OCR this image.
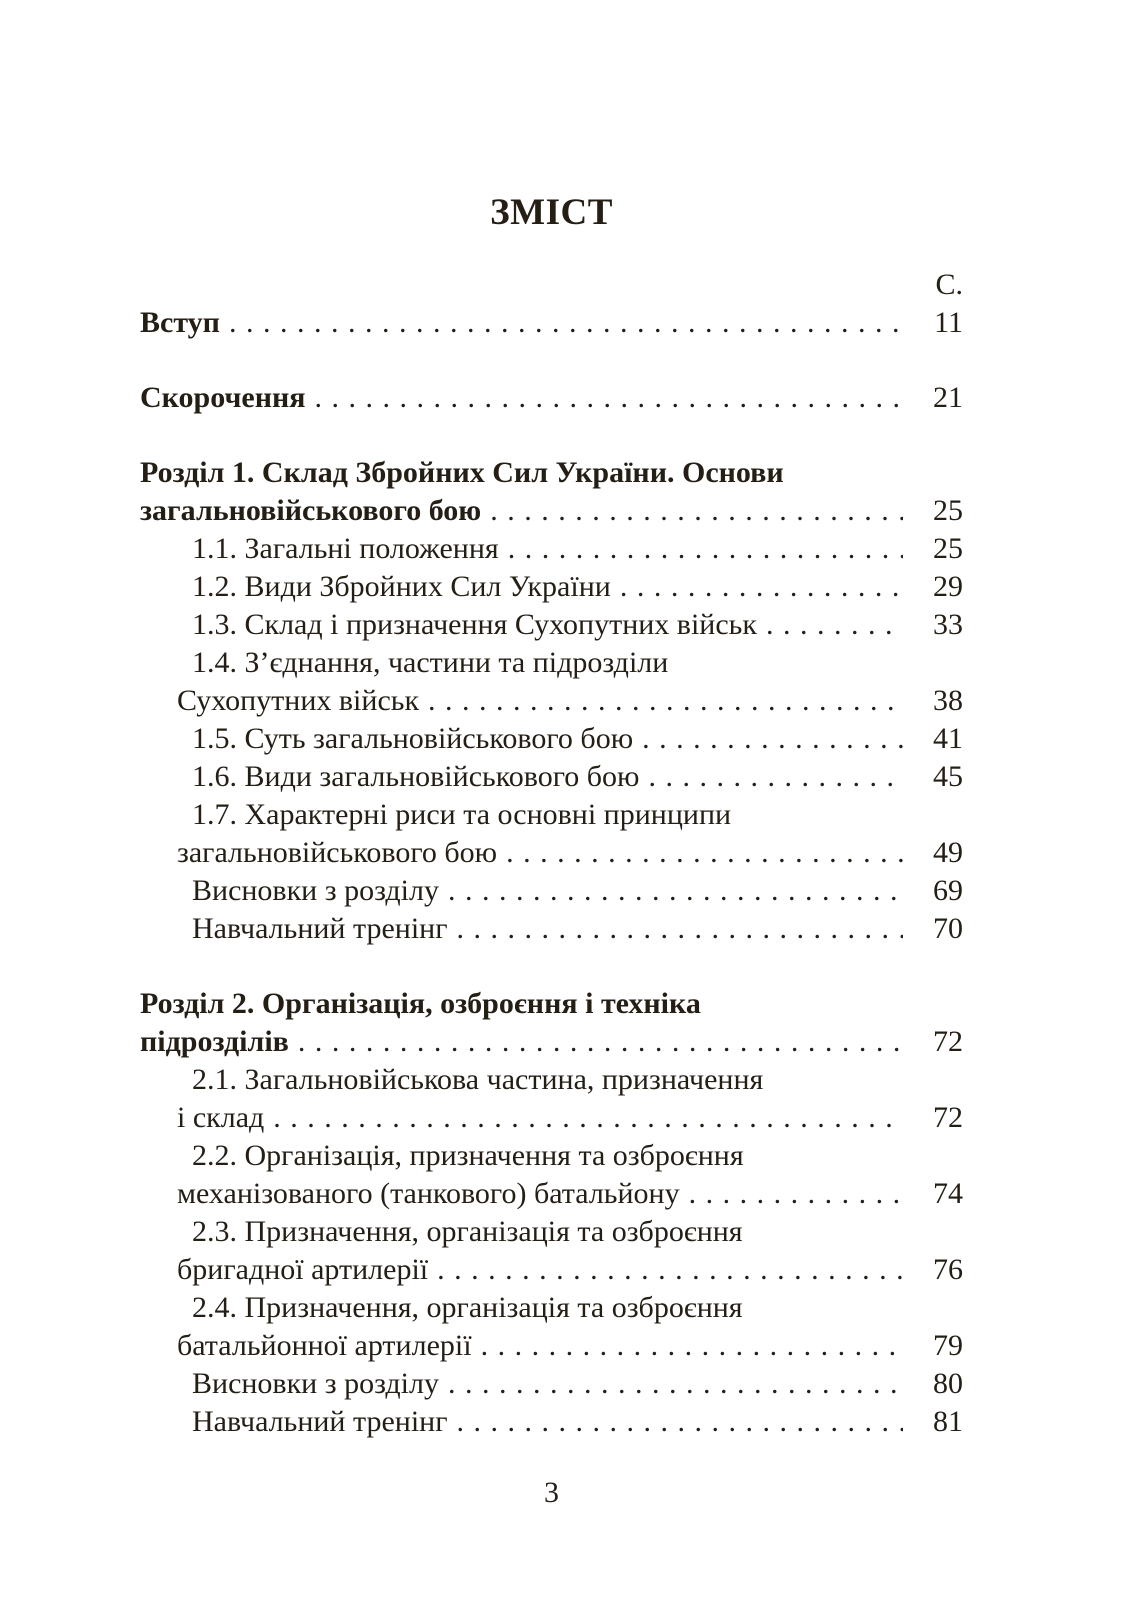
ЗМІСТ
С.
Вступ . . .	11
Скорочення . . .	21
Розділ 1. Склад Збройних Сил України. Основи
загальновійськового бою . . .	25
1.1. Загальні положення . . .	25
1.2. Види Збройних Сил України . . .	29
1.3. Склад і призначення Сухопутних військ . . .	33
1.4. З’єднання, частини та підрозділи
Сухопутних військ . . .	38
1.5. Суть загальновійськового бою . . .	41
1.6. Види загальновійськового бою . . .	45
1.7. Характерні риси та основні принципи
загальновійськового бою . . .	49
Висновки з розділу . . .	69
Навчальний тренінг . . .	70
Розділ 2. Організація, озброєння і техніка
підрозділів . . .	72
2.1. Загальновійськова частина, призначення
і склад . . .	72
2.2. Організація, призначення та озброєння
механізованого (танкового) батальйону . . .	74
2.3. Призначення, організація та озброєння
бригадної артилерії . . .	76
2.4. Призначення, організація та озброєння
батальйонної артилерії . . .	79
Висновки з розділу . . .	80
Навчальний тренінг . . .	81
3
